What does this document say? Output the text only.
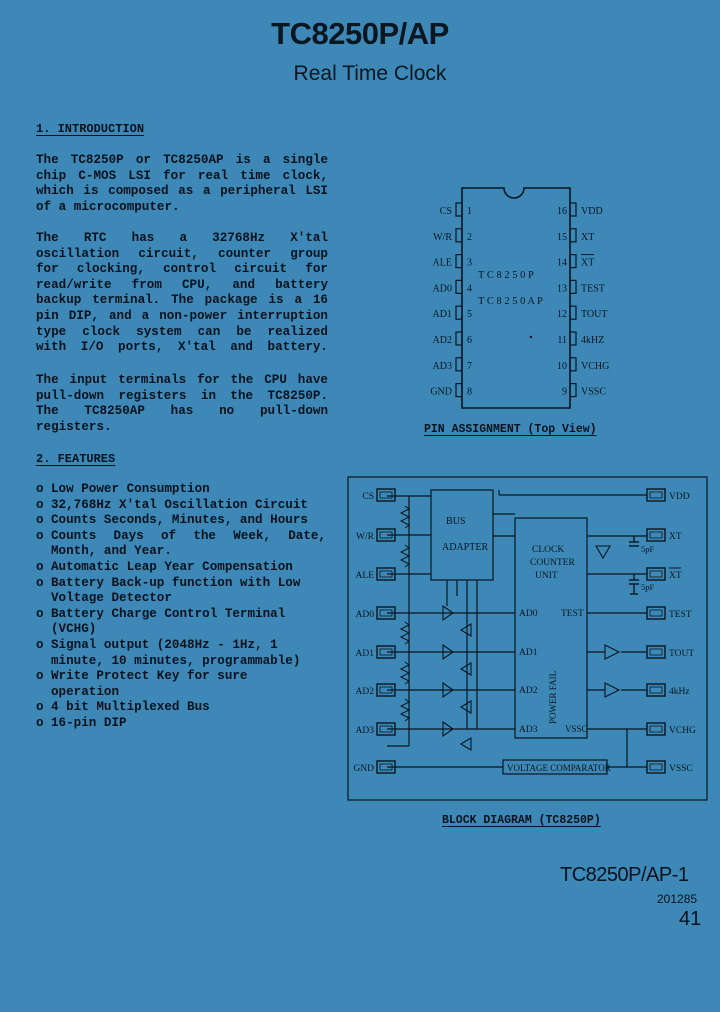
TC8250P/AP
Real Time Clock
1. INTRODUCTION
The TC8250P or TC8250AP is a single
chip C-MOS LSI for real time clock,
which is composed as a peripheral LSI
of a microcomputer.
The RTC has a 32768Hz X'tal
oscillation circuit, counter group
for clocking, control circuit for
read/write from CPU, and battery
backup terminal. The package is a 16
pin DIP, and a non-power interruption
type clock system can be realized
with I/O ports, X'tal and battery.
The input terminals for the CPU have
pull-down registers in the TC8250P.
The TC8250AP has no pull-down
registers.
2. FEATURES
o Low Power Consumption
o 32,768Hz X'tal Oscillation Circuit
o Counts Seconds, Minutes, and Hours
o Counts Days of the Week, Date,

Month, and Year.
o Automatic Leap Year Compensation
o Battery Back-up function with Low
Voltage Detector
o Battery Charge Control Terminal
(VCHG)
o Signal output (2048Hz - 1Hz, 1
minute, 10 minutes, programmable)
o Write Protect Key for sure
operation
o 4 bit Multiplexed Bus
o 16-pin DIP
CS 1
W/R 2
ALE 3
AD0 4
AD1 5
AD2 6
AD3 7
GND 8
VDD
16
XT
15
XT
14
TEST
13
TOUT
12
4kHZ
11
VCHG
10
VSSC
9
T C 8 2 5 0 P
T C 8 2 5 0 A P
PIN ASSIGNMENT (Top View)
CS
W/R
ALE
AD0
AD1
AD2
AD3
GND
VDD
XT
XT
TEST
TOUT
4kHz
VCHG
VSSC
BUS
ADAPTER	CLOCK
COUNTER
UNIT
AD0
AD1
AD2
AD3
TEST
VSSC
POWER FAIL
VOLTAGE COMPARATOR
5pF
5pF
BLOCK DIAGRAM (TC8250P)
TC8250P/AP-1
201285
41
